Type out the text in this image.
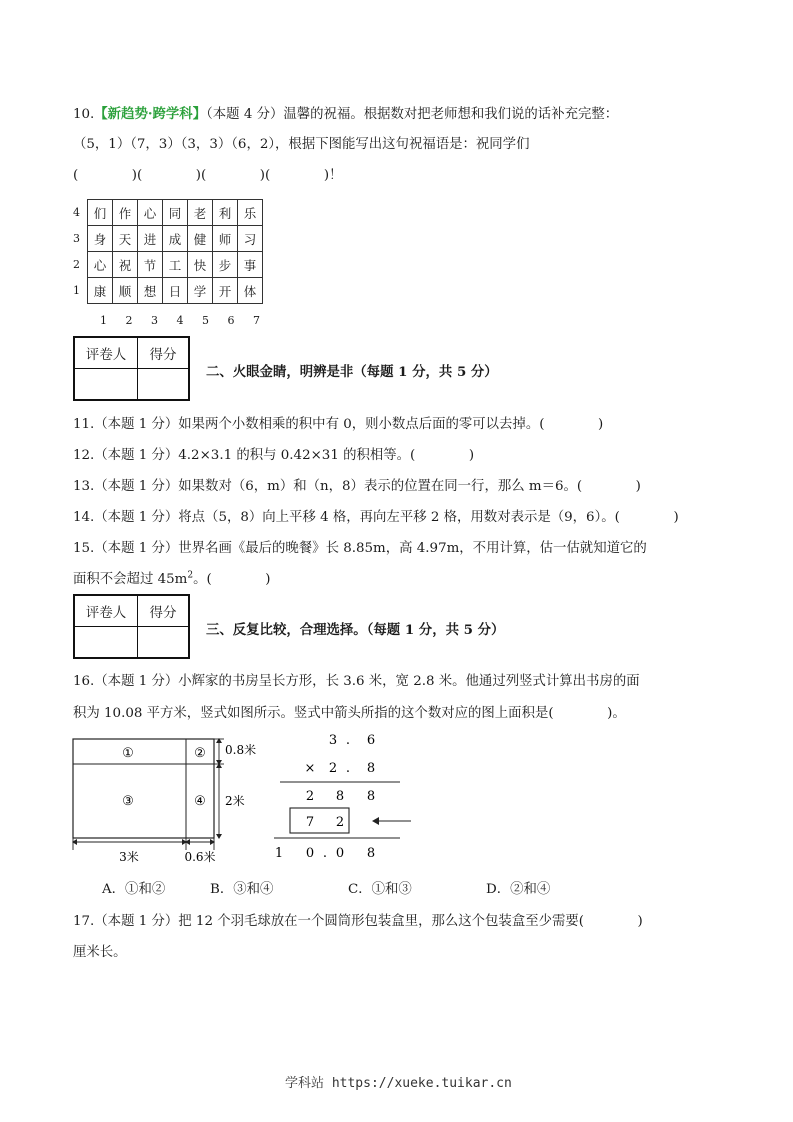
10.【新趋势·跨学科】（本题 4 分）温馨的祝福。根据数对把老师想和我们说的话补充完整：
（5，1）（7，3）（3，3）（6，2），根据下图能写出这句祝福语是：祝同学们
(　　　　)(　　　　)(　　　　)(　　　　)！
4	们	作	心	同	老	利	乐
3	身	天	进	成	健	师	习
2	心	祝	节	工	快	步	事
1	康	顺	想	日	学	开	体
1 2 3 4 5 6 7
评卷人	得分

二、火眼金睛，明辨是非（每题 1 分，共 5 分）
11.（本题 1 分）如果两个小数相乘的积中有 0，则小数点后面的零可以去掉。(　　　　)
12.（本题 1 分）4.2×3.1 的积与 0.42×31 的积相等。(　　　　)
13.（本题 1 分）如果数对（6，m）和（n，8）表示的位置在同一行，那么 m＝6。(　　　　)
14.（本题 1 分）将点（5，8）向上平移 4 格，再向左平移 2 格，用数对表示是（9，6）。(　　　　)
15.（本题 1 分）世界名画《最后的晚餐》长 8.85m，高 4.97m，不用计算，估一估就知道它的
面积不会超过 $45m^2$。(　　　　)
评卷人	得分

三、反复比较，合理选择。（每题 1 分，共 5 分）
16.（本题 1 分）小辉家的书房呈长方形，长 3.6 米，宽 2.8 米。他通过列竖式计算出书房的面
积为 10.08 平方米，竖式如图所示。竖式中箭头所指的这个数对应的图上面积是(　　　　)。
①	②
③	④
0.8米
2米
3米	0.6米
3 . 6
× 2 . 8
2 8 8
7 2
1 0 . 0 8
A．①和②	B．③和④	C．①和③	D．②和④
17.（本题 1 分）把 12 个羽毛球放在一个圆筒形包装盒里，那么这个包装盒至少需要(　　　　)
厘米长。
学科站 https://xueke.tuikar.cn
